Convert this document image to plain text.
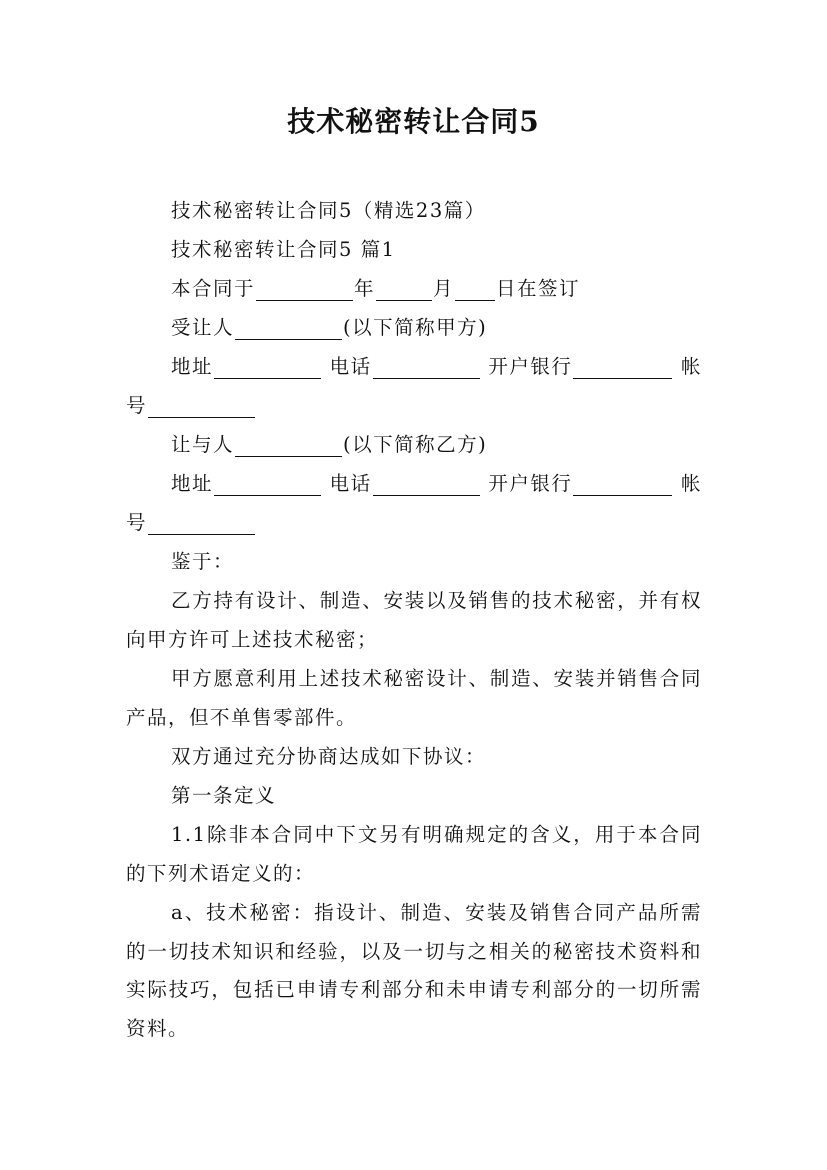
技术秘密转让合同5
技术秘密转让合同5（精选23篇）
技术秘密转让合同5 篇1
本合同于	年	月 日在签订
受让人	(以下简称甲方)
地址	电话	开户银行	帐
号
让与人	(以下简称乙方)
地址	电话	开户银行	帐
号
鉴于：
乙方持有设计、制造、安装以及销售的技术秘密，并有权向甲方许可上述技术秘密；
甲方愿意利用上述技术秘密设计、制造、安装并销售合同产品，但不单售零部件。
双方通过充分协商达成如下协议：
第一条定义
1.1除非本合同中下文另有明确规定的含义，用于本合同的下列术语定义的：
a、技术秘密：指设计、制造、安装及销售合同产品所需的一切技术知识和经验，以及一切与之相关的秘密技术资料和实际技巧，包括已申请专利部分和未申请专利部分的一切所需资料。
